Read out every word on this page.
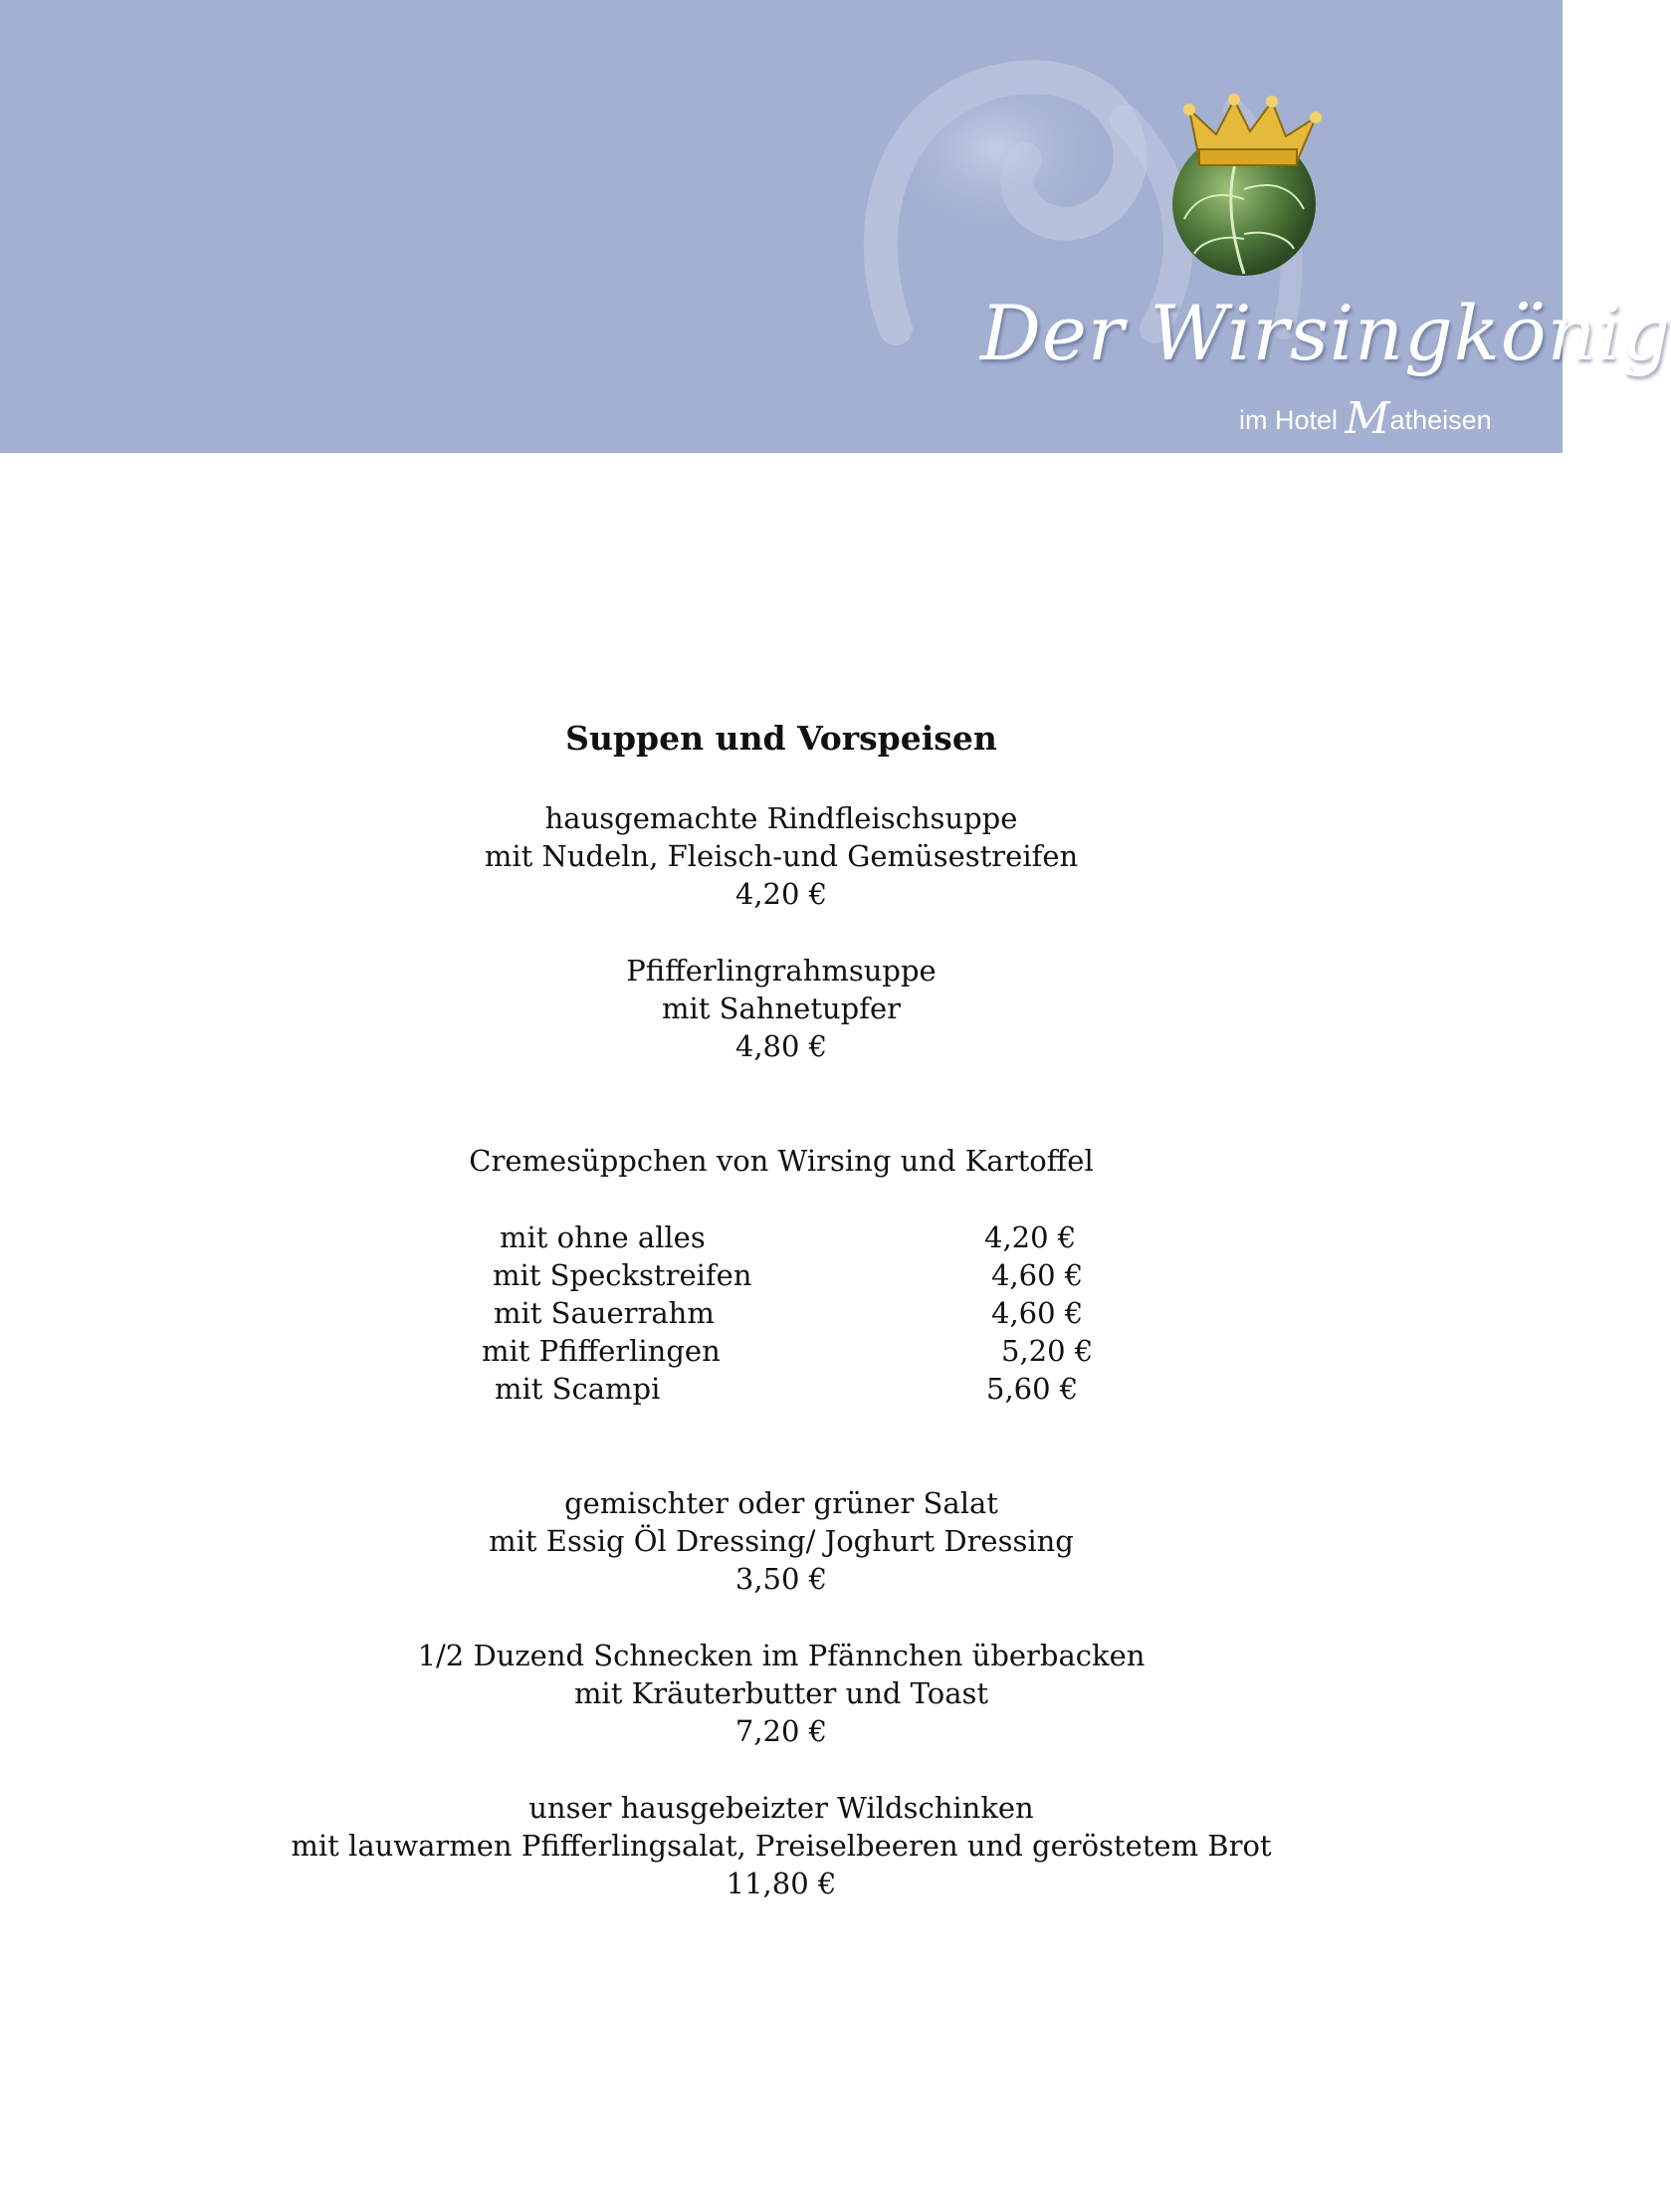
Der Wirsingkönig
im Hotel Matheisen
Suppen und Vorspeisen

hausgemachte Rindfleischsuppe

mit Nudeln, Fleisch-und Gemüsestreifen

4,20 €

Pfifferlingrahmsuppe

mit Sahnetupfer

4,80 €

Cremesüppchen von Wirsing und Kartoffel
mit ohne alles	4,20 €
mit Speckstreifen	4,60 €
mit Sauerrahm	4,60 €
mit Pfifferlingen	5,20 €
mit Scampi	5,60 €

gemischter oder grüner Salat

mit Essig Öl Dressing/ Joghurt Dressing

3,50 €

1/2 Duzend Schnecken im Pfännchen überbacken

mit Kräuterbutter und Toast

7,20 €

unser hausgebeizter Wildschinken

mit lauwarmen Pfifferlingsalat, Preiselbeeren und geröstetem Brot

11,80 €
